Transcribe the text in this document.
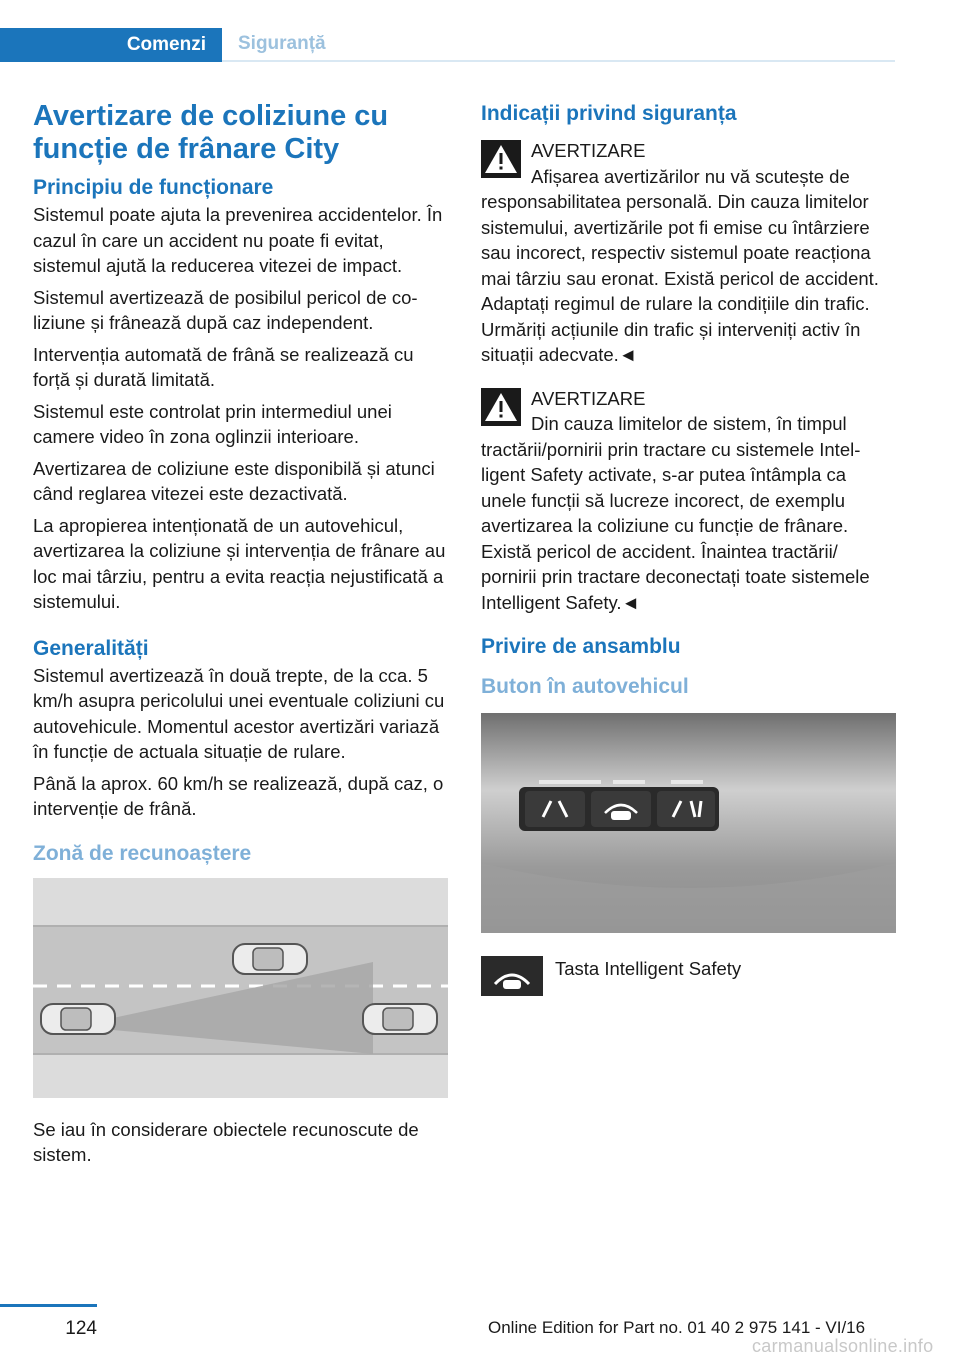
Comenzi	Siguranță
Avertizare de coliziune cu funcție de frânare City
Principiu de funcționare

Sistemul poate ajuta la prevenirea accidentelor. În cazul în care un accident nu poate fi evitat, sistemul ajută la reducerea vitezei de impact.

Sistemul avertizează de posibilul pericol de coliziune și frânează după caz independent.

Intervenția automată de frână se realizează cu forță și durată limitată.

Sistemul este controlat prin intermediul unei camere video în zona oglinzii interioare.

Avertizarea de coliziune este disponibilă și atunci când reglarea vitezei este dezactivată.

La apropierea intenționată de un autovehicul, avertizarea la coliziune și intervenția de frânare au loc mai târziu, pentru a evita reacția nejustificată a sistemului.

Generalități

Sistemul avertizează în două trepte, de la cca. 5 km/h asupra pericolului unei eventuale coliziuni cu autovehicule. Momentul acestor avertizări variază în funcție de actuala situație de rulare.

Până la aprox. 60 km/h se realizează, după caz, o intervenție de frână.

Zonă de recunoaștere

Se iau în considerare obiectele recunoscute de sistem.

Indicații privind siguranța
AVERTIZARE

Afișarea avertizărilor nu vă scutește de responsabilitatea personală. Din cauza limitelor sistemului, avertizările pot fi emise cu întârziere sau incorect, respectiv sistemul poate reacționa mai târziu sau eronat. Există pericol de accident. Adaptați regimul de rulare la condițiile din trafic. Urmăriți acțiunile din trafic și interveniți activ în situații adecvate.◄

AVERTIZARE

Din cauza limitelor de sistem, în timpul tractării/pornirii prin tractare cu sistemele Intelligent Safety activate, s-ar putea întâmpla ca unele funcții să lucreze incorect, de exemplu avertizarea la coliziune cu funcție de frânare. Există pericol de accident. Înaintea tractării/ pornirii prin tractare deconectați toate sistemele Intelligent Safety.◄

Privire de ansamblu
Buton în autovehicul
Tasta Intelligent Safety
124	Online Edition for Part no. 01 40 2 975 141 - VI/16
carmanualsonline.info
